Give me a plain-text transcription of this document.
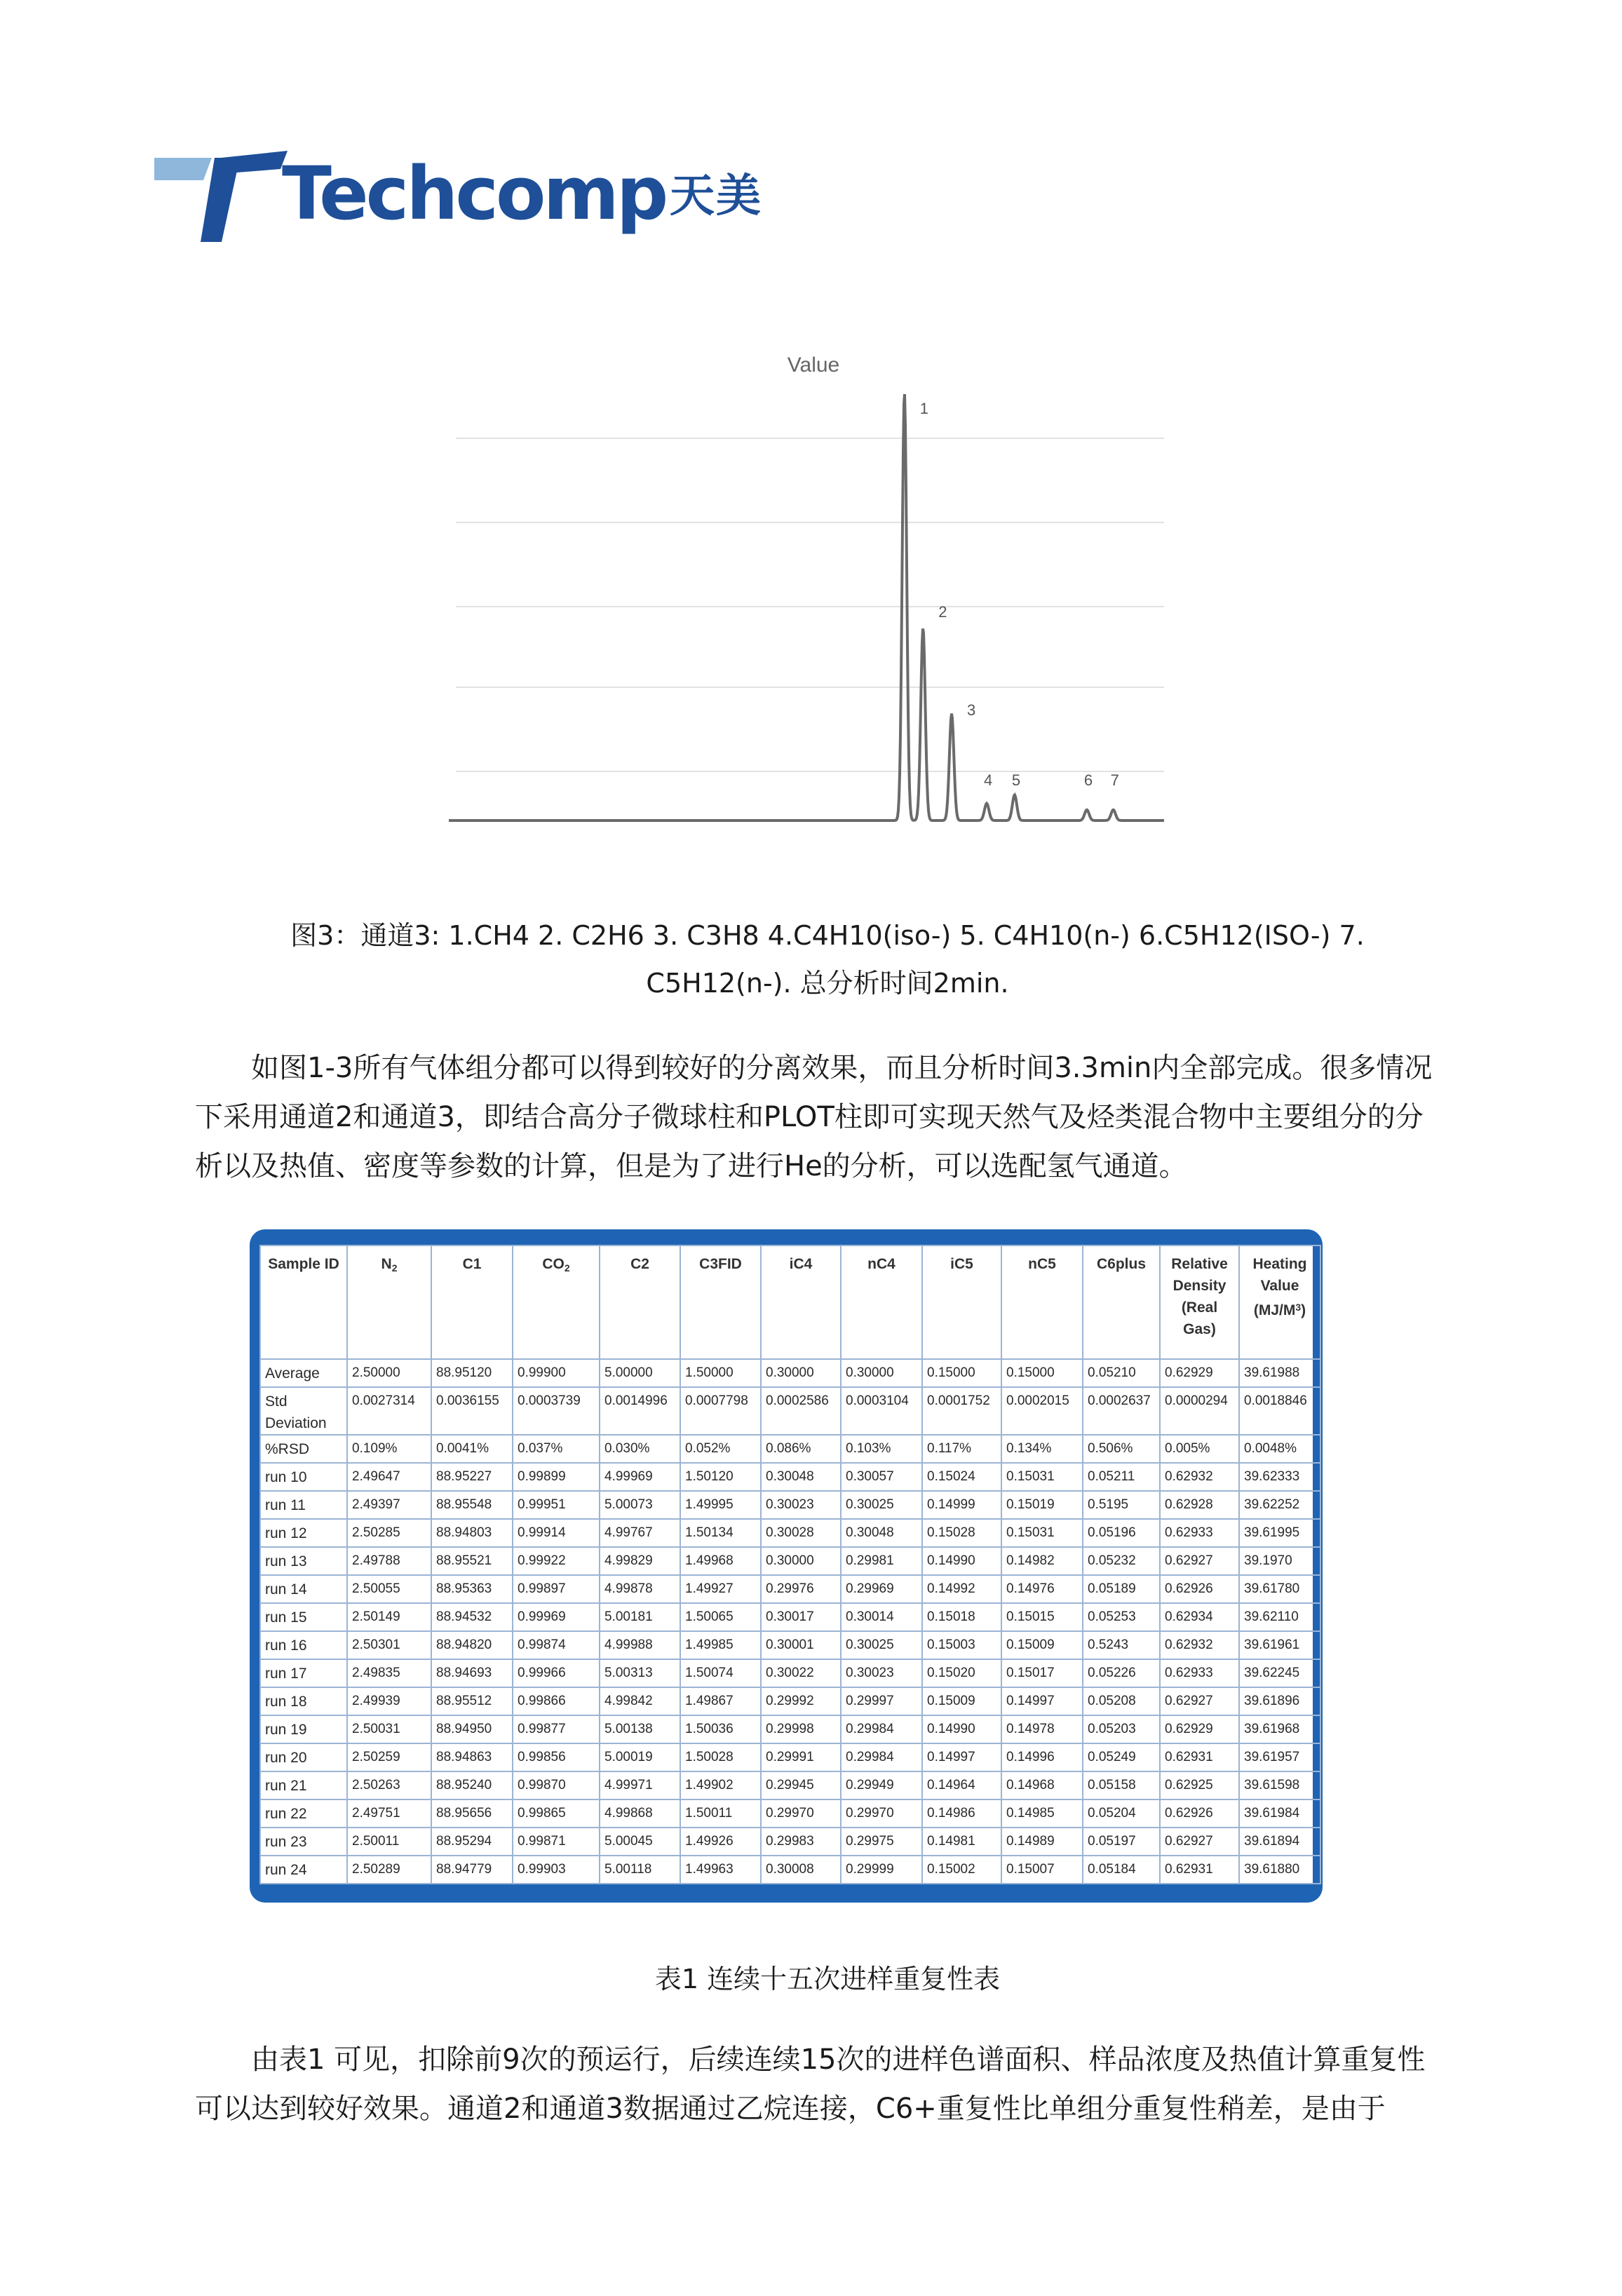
Techcomp 天美
Value
1
2
3
4 5	6 7
图3：通道3: 1.CH4 2. C2H6 3. C3H8 4.C4H10(iso-) 5. C4H10(n-) 6.C5H12(ISO-) 7.
C5H12(n-). 总分析时间2min.

如图1-3所有气体组分都可以得到较好的分离效果，而且分析时间3.3min内全部完成。很多情况下采用通道2和通道3，即结合高分子微球柱和PLOT柱即可实现天然气及烃类混合物中主要组分的分析以及热值、密度等参数的计算，但是为了进行He的分析，可以选配氢气通道。

Sample ID	$N_2$	C1	$CO_2$	C2	C3FID	iC4	nC4	iC5	nC5	C6plus	Relative Density (Real Gas)	Heating Value $(MJ/M^3)$
Average	2.50000	88.95120	0.99900	5.00000	1.50000	0.30000	0.30000	0.15000	0.15000	0.05210	0.62929	39.61988
Std Deviation	0.0027314	0.0036155	0.0003739	0.0014996	0.0007798	0.0002586	0.0003104	0.0001752	0.0002015	0.0002637	0.0000294	0.0018846
%RSD	0.109%	0.0041%	0.037%	0.030%	0.052%	0.086%	0.103%	0.117%	0.134%	0.506%	0.005%	0.0048%
run 10	2.49647	88.95227	0.99899	4.99969	1.50120	0.30048	0.30057	0.15024	0.15031	0.05211	0.62932	39.62333
run 11	2.49397	88.95548	0.99951	5.00073	1.49995	0.30023	0.30025	0.14999	0.15019	0.5195	0.62928	39.62252
run 12	2.50285	88.94803	0.99914	4.99767	1.50134	0.30028	0.30048	0.15028	0.15031	0.05196	0.62933	39.61995
run 13	2.49788	88.95521	0.99922	4.99829	1.49968	0.30000	0.29981	0.14990	0.14982	0.05232	0.62927	39.1970
run 14	2.50055	88.95363	0.99897	4.99878	1.49927	0.29976	0.29969	0.14992	0.14976	0.05189	0.62926	39.61780
run 15	2.50149	88.94532	0.99969	5.00181	1.50065	0.30017	0.30014	0.15018	0.15015	0.05253	0.62934	39.62110
run 16	2.50301	88.94820	0.99874	4.99988	1.49985	0.30001	0.30025	0.15003	0.15009	0.5243	0.62932	39.61961
run 17	2.49835	88.94693	0.99966	5.00313	1.50074	0.30022	0.30023	0.15020	0.15017	0.05226	0.62933	39.62245
run 18	2.49939	88.95512	0.99866	4.99842	1.49867	0.29992	0.29997	0.15009	0.14997	0.05208	0.62927	39.61896
run 19	2.50031	88.94950	0.99877	5.00138	1.50036	0.29998	0.29984	0.14990	0.14978	0.05203	0.62929	39.61968
run 20	2.50259	88.94863	0.99856	5.00019	1.50028	0.29991	0.29984	0.14997	0.14996	0.05249	0.62931	39.61957
run 21	2.50263	88.95240	0.99870	4.99971	1.49902	0.29945	0.29949	0.14964	0.14968	0.05158	0.62925	39.61598
run 22	2.49751	88.95656	0.99865	4.99868	1.50011	0.29970	0.29970	0.14986	0.14985	0.05204	0.62926	39.61984
run 23	2.50011	88.95294	0.99871	5.00045	1.49926	0.29983	0.29975	0.14981	0.14989	0.05197	0.62927	39.61894
run 24	2.50289	88.94779	0.99903	5.00118	1.49963	0.30008	0.29999	0.15002	0.15007	0.05184	0.62931	39.61880
表1 连续十五次进样重复性表

由表1 可见，扣除前9次的预运行，后续连续15次的进样色谱面积、样品浓度及热值计算重复性可以达到较好效果。通道2和通道3数据通过乙烷连接，C6+重复性比单组分重复性稍差，是由于
